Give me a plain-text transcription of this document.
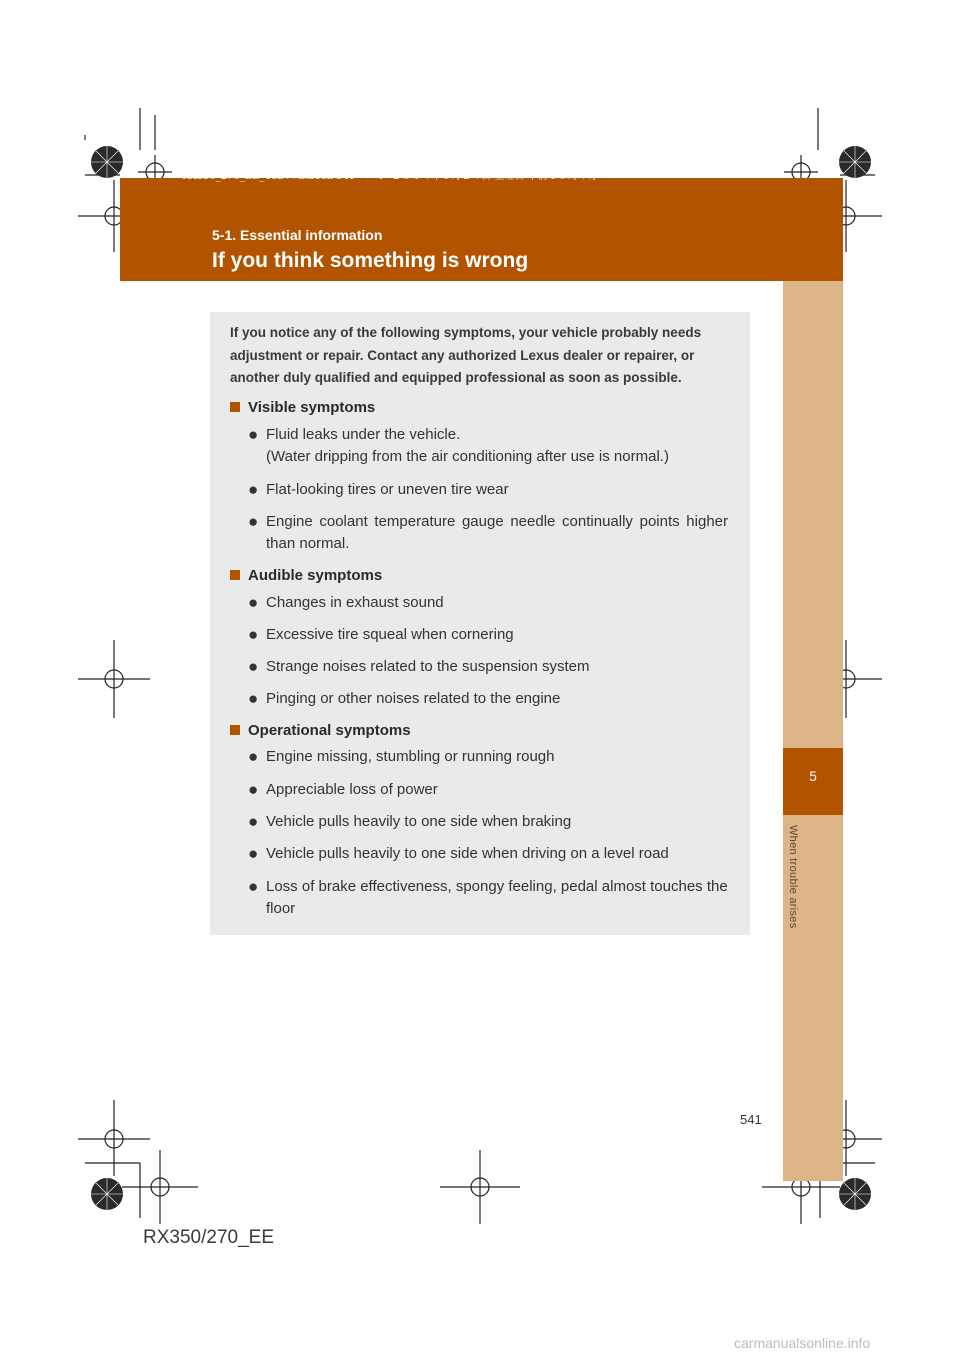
RX350_270_EE_48D77E.book 541 ページ ２０１４年１月２４日 金曜日 午前１０時４分
5-1. Essential information
If you think something is wrong
5
When trouble arises
If you notice any of the following symptoms, your vehicle probably needs adjustment or repair. Contact any authorized Lexus dealer or repairer, or another duly qualified and equipped professional as soon as possible.
Visible symptoms
● Fluid leaks under the vehicle.
(Water dripping from the air conditioning after use is normal.)
● Flat-looking tires or uneven tire wear
● Engine coolant temperature gauge needle continually points higher than normal.
Audible symptoms
● Changes in exhaust sound
● Excessive tire squeal when cornering
● Strange noises related to the suspension system
● Pinging or other noises related to the engine
Operational symptoms
● Engine missing, stumbling or running rough
● Appreciable loss of power
● Vehicle pulls heavily to one side when braking
● Vehicle pulls heavily to one side when driving on a level road
● Loss of brake effectiveness, spongy feeling, pedal almost touches the floor
541
RX350/270_EE
carmanualsonline.info
